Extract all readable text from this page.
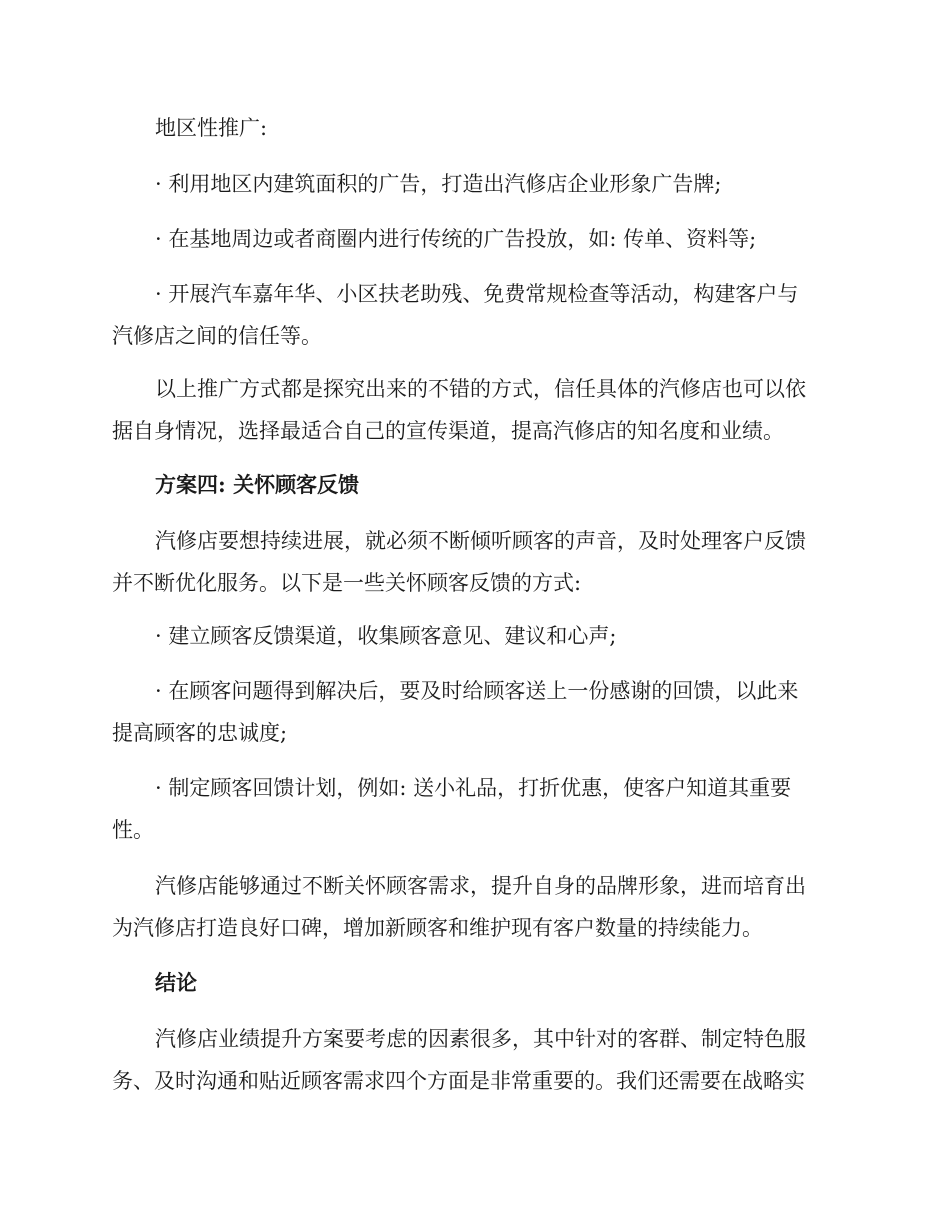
地区性推广:
· 利用地区内建筑面积的广告，打造出汽修店企业形象广告牌;
· 在基地周边或者商圈内进行传统的广告投放，如: 传单、资料等;
· 开展汽车嘉年华、小区扶老助残、免费常规检查等活动，构建客户与
汽修店之间的信任等。
以上推广方式都是探究出来的不错的方式，信任具体的汽修店也可以依
据自身情况，选择最适合自己的宣传渠道，提高汽修店的知名度和业绩。
方案四: 关怀顾客反馈
汽修店要想持续进展，就必须不断倾听顾客的声音，及时处理客户反馈
并不断优化服务。以下是一些关怀顾客反馈的方式:
· 建立顾客反馈渠道，收集顾客意见、建议和心声;
· 在顾客问题得到解决后，要及时给顾客送上一份感谢的回馈，以此来
提高顾客的忠诚度;
· 制定顾客回馈计划，例如: 送小礼品，打折优惠，使客户知道其重要
性。
汽修店能够通过不断关怀顾客需求，提升自身的品牌形象，进而培育出
为汽修店打造良好口碑，增加新顾客和维护现有客户数量的持续能力。
结论
汽修店业绩提升方案要考虑的因素很多，其中针对的客群、制定特色服
务、及时沟通和贴近顾客需求四个方面是非常重要的。我们还需要在战略实
